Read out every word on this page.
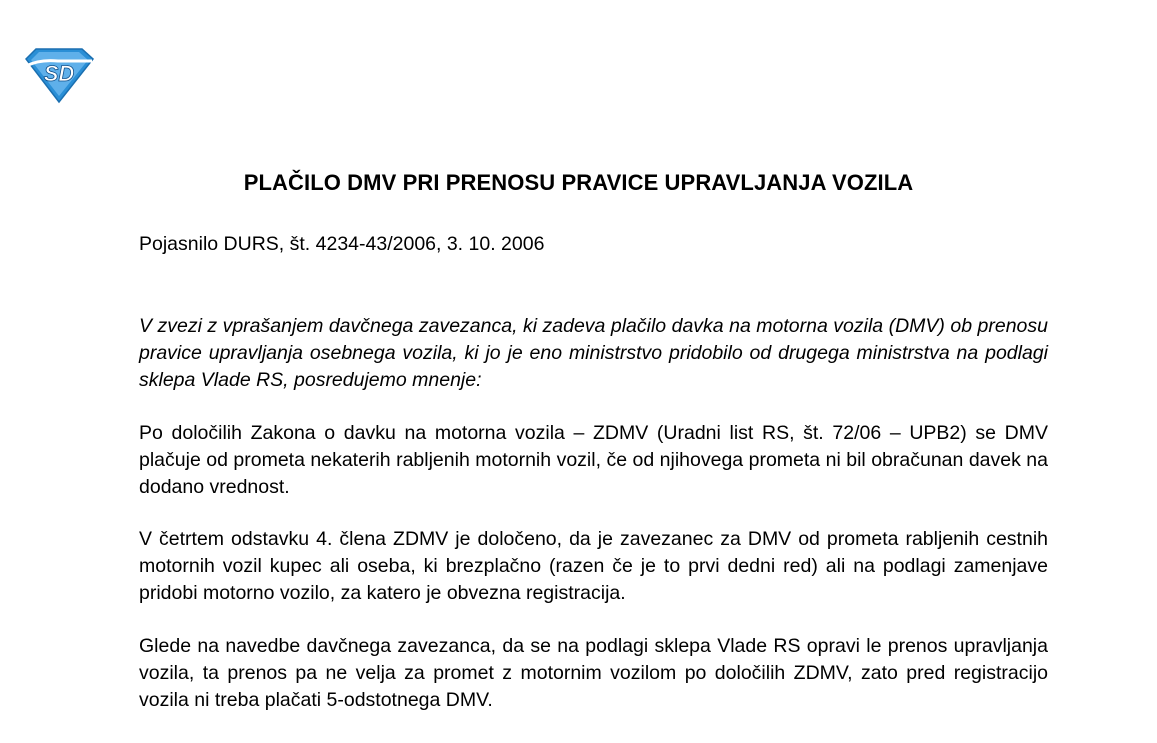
SD
PLAČILO DMV PRI PRENOSU PRAVICE UPRAVLJANJA VOZILA

Pojasnilo DURS, št. 4234-43/2006, 3. 10. 2006

V zvezi z vprašanjem davčnega zavezanca, ki zadeva plačilo davka na motorna vozila (DMV) ob prenosu pravice upravljanja osebnega vozila, ki jo je eno ministrstvo pridobilo od drugega ministrstva na podlagi sklepa Vlade RS, posredujemo mnenje:

Po določilih Zakona o davku na motorna vozila – ZDMV (Uradni list RS, št. 72/06 – UPB2) se DMV plačuje od prometa nekaterih rabljenih motornih vozil, če od njihovega prometa ni bil obračunan davek na dodano vrednost.

V četrtem odstavku 4. člena ZDMV je določeno, da je zavezanec za DMV od prometa rabljenih cestnih motornih vozil kupec ali oseba, ki brezplačno (razen če je to prvi dedni red) ali na podlagi zamenjave pridobi motorno vozilo, za katero je obvezna registracija.

Glede na navedbe davčnega zavezanca, da se na podlagi sklepa Vlade RS opravi le prenos upravljanja vozila, ta prenos pa ne velja za promet z motornim vozilom po določilih ZDMV, zato pred registracijo vozila ni treba plačati 5-odstotnega DMV.
